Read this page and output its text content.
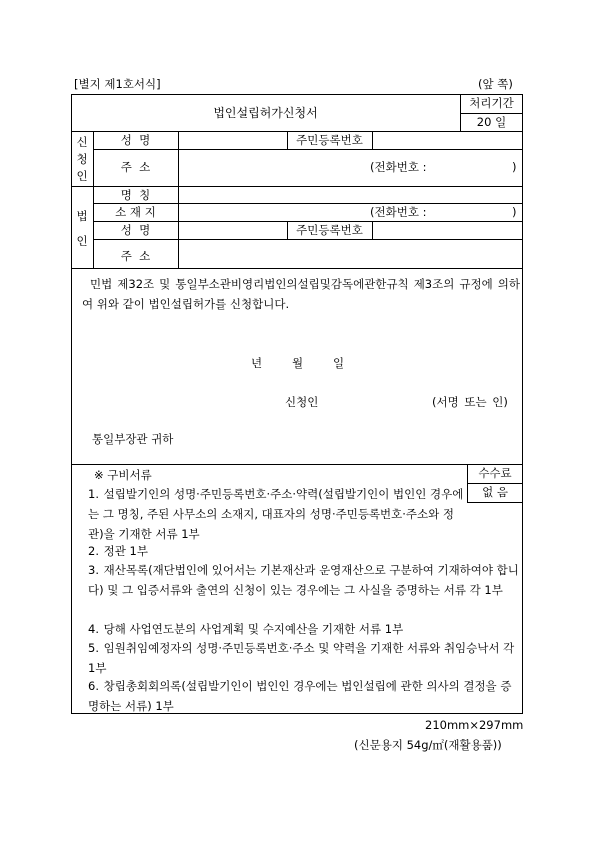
[별지 제1호서식]	(앞 쪽)
법인설립허가신청서
처리기간
20 일
신
청
인
성  명	주민등록번호
주  소	(전화번호 :	)
법
인
명  칭
소 재 지	(전화번호 :	)
성  명	주민등록번호
주  소
민법 제32조 및 통일부소관비영리법인의설립및감독에관한규칙 제3조의 규정에 의하여 위와 같이 법인설립허가를 신청합니다.
년	월	일
신청인	(서명 또는 인)
통일부장관 귀하
※ 구비서류	수수료
없 음
1. 설립발기인의 성명·주민등록번호·주소·약력(설립발기인이 법인인 경우에는 그 명칭, 주된 사무소의 소재지, 대표자의 성명·주민등록번호·주소와 정관)을 기재한 서류 1부
2. 정관 1부
3. 재산목록(재단법인에 있어서는 기본재산과 운영재산으로 구분하여 기재하여야 합니다) 및 그 입증서류와 출연의 신청이 있는 경우에는 그 사실을 증명하는 서류 각 1부
4. 당해 사업연도분의 사업계획 및 수지예산을 기재한 서류 1부
5. 임원취임예정자의 성명·주민등록번호·주소 및 약력을 기재한 서류와 취임승낙서 각 1부
6. 창립총회회의록(설립발기인이 법인인 경우에는 법인설립에 관한 의사의 결정을 증명하는 서류) 1부
210mm×297mm
(신문용지 54g/㎡(재활용품))
